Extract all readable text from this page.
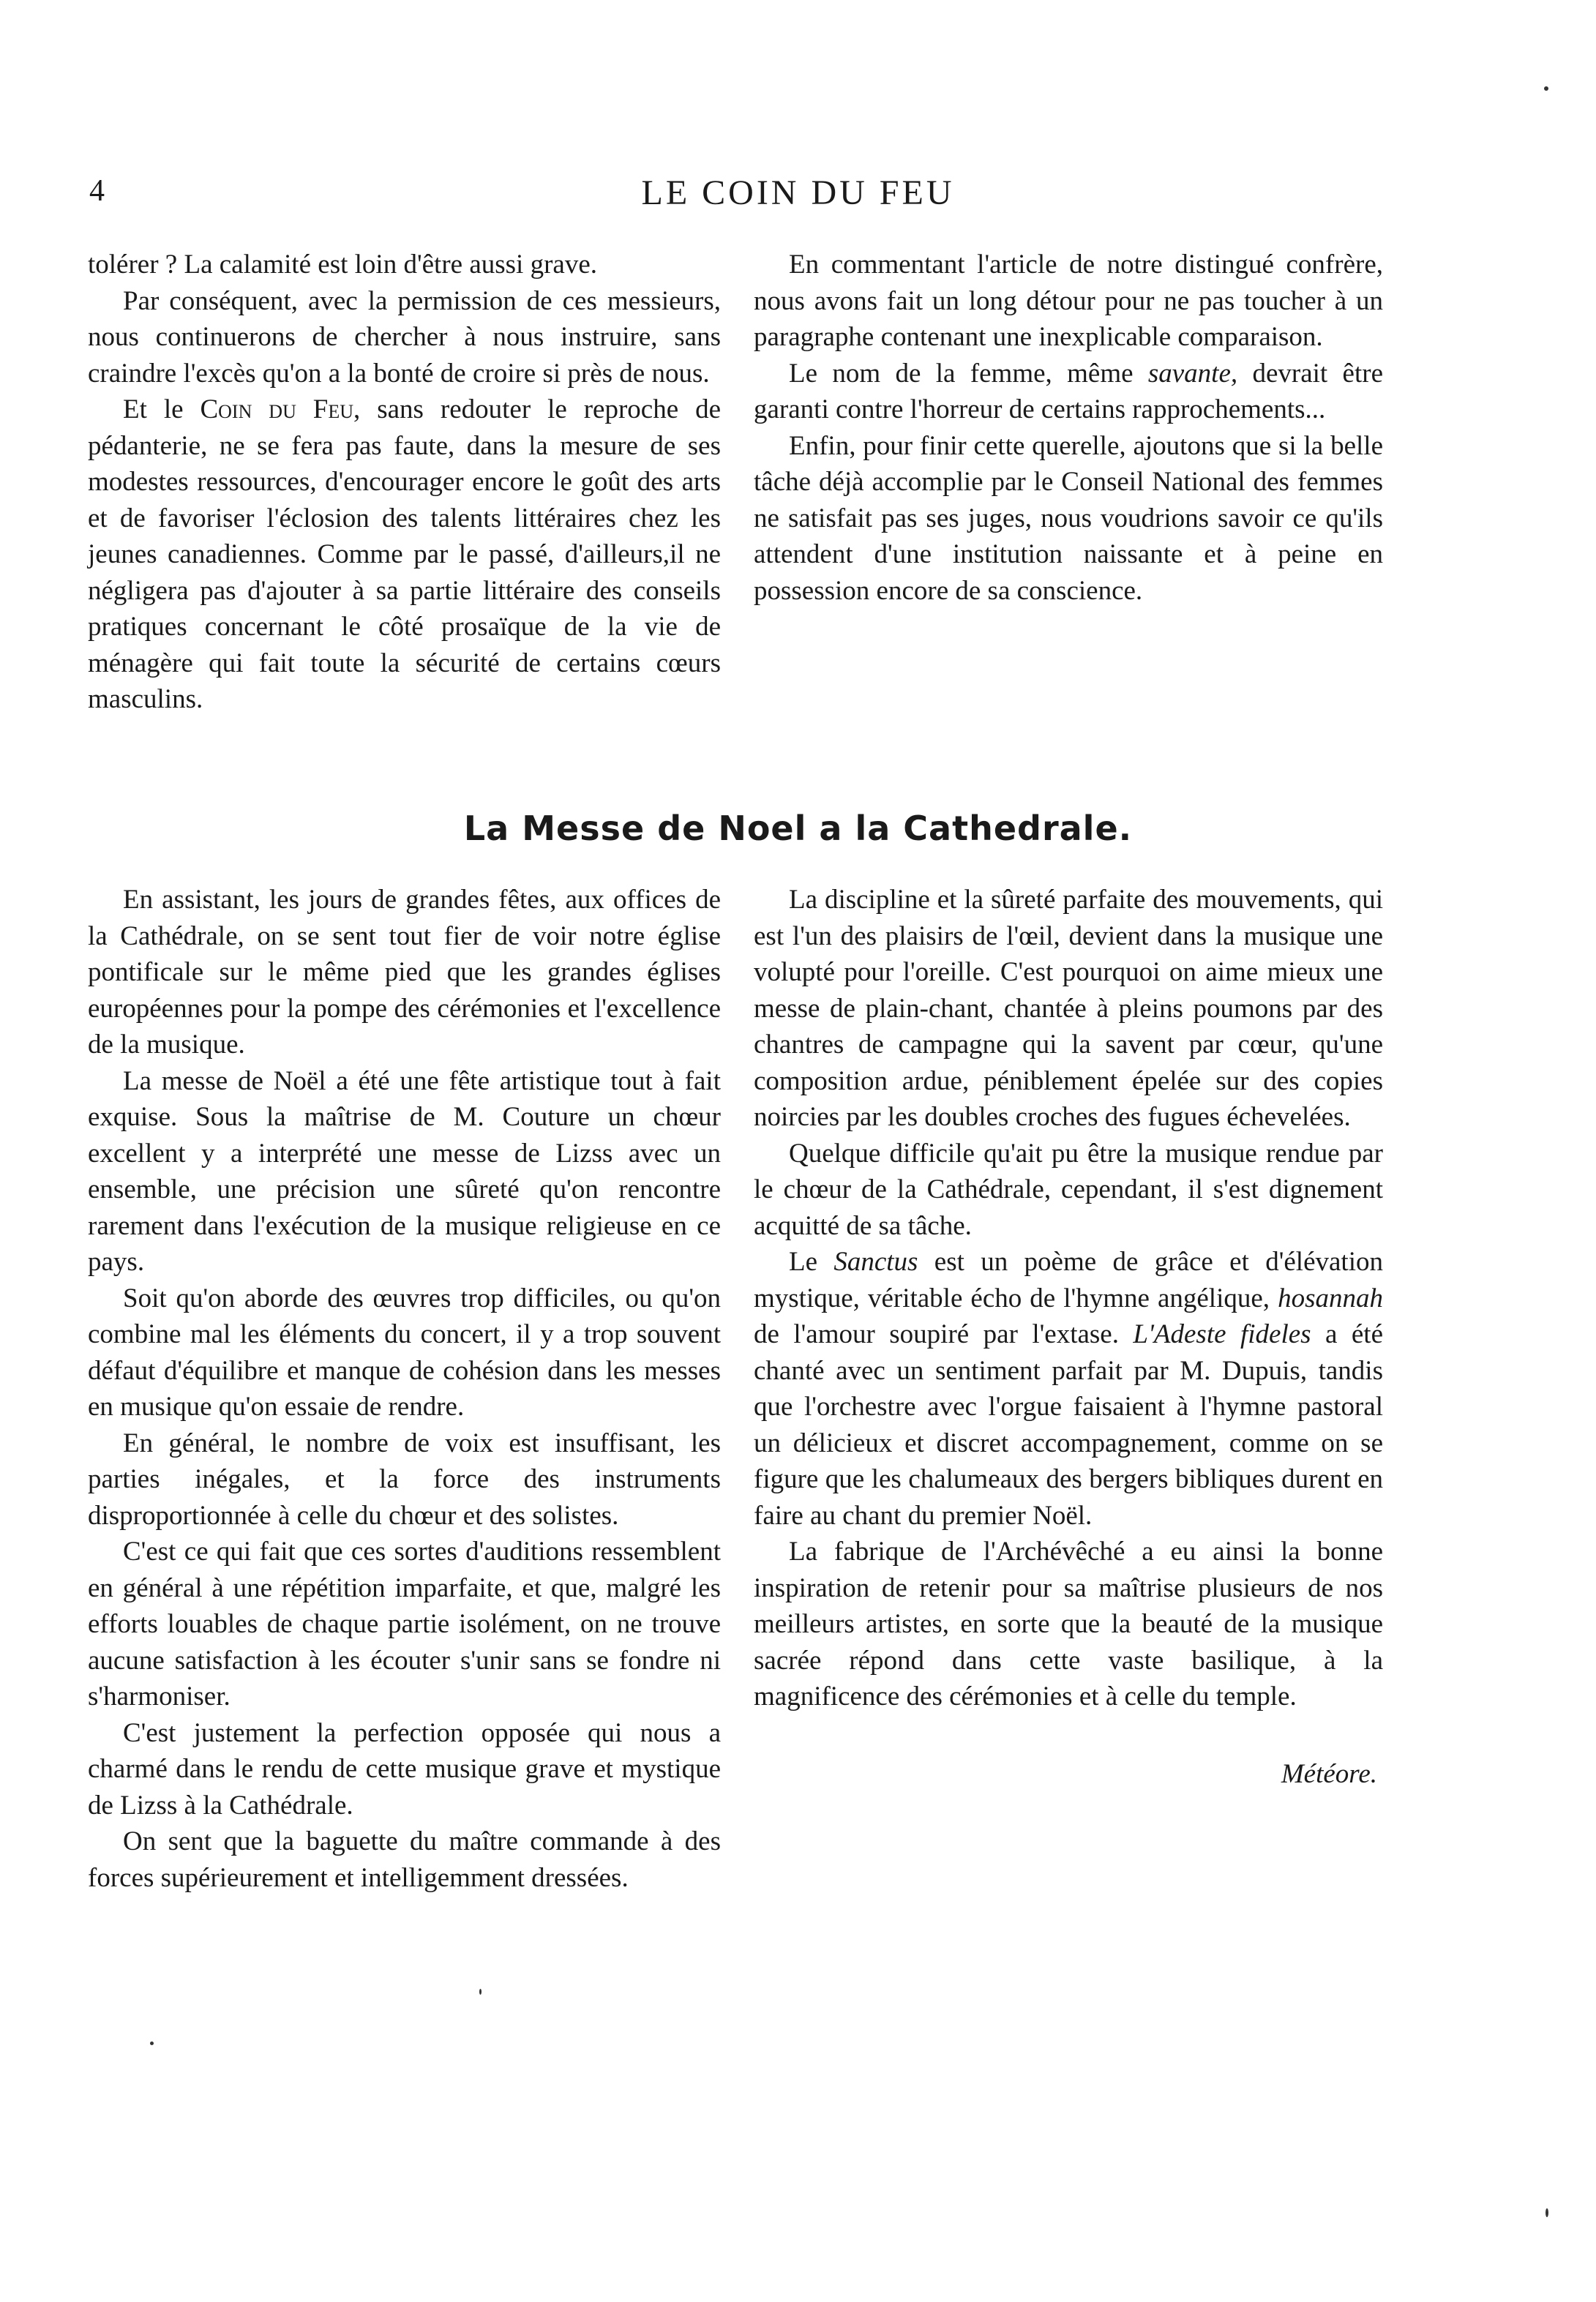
4	LE COIN DU FEU

tolérer ? La calamité est loin d'être aussi grave.

Par conséquent, avec la permission de ces messieurs, nous continuerons de chercher à nous instruire, sans craindre l'excès qu'on a la bonté de croire si près de nous.

Et le Coin du Feu, sans redouter le reproche de pédanterie, ne se fera pas faute, dans la mesure de ses modestes ressources, d'encourager encore le goût des arts et de favoriser l'éclosion des talents littéraires chez les jeunes canadiennes. Comme par le passé, d'ailleurs,il ne négligera pas d'ajouter à sa partie littéraire des conseils pratiques concernant le côté prosaïque de la vie de ménagère qui fait toute la sécurité de certains cœurs masculins.

En commentant l'article de notre distingué confrère, nous avons fait un long détour pour ne pas toucher à un paragraphe contenant une inexplicable comparaison.

Le nom de la femme, même savante, devrait être garanti contre l'horreur de certains rapprochements...

Enfin, pour finir cette querelle, ajoutons que si la belle tâche déjà accomplie par le Conseil National des femmes ne satisfait pas ses juges, nous voudrions savoir ce qu'ils attendent d'une institution naissante et à peine en possession encore de sa conscience.

La Messe de Noel a la Cathedrale.

En assistant, les jours de grandes fêtes, aux offices de la Cathédrale, on se sent tout fier de voir notre église pontificale sur le même pied que les grandes églises européennes pour la pompe des cérémonies et l'excellence de la musique.

La messe de Noël a été une fête artistique tout à fait exquise. Sous la maîtrise de M. Couture un chœur excellent y a interprété une messe de Lizss avec un ensemble, une précision une sûreté qu'on rencontre rarement dans l'exécution de la musique religieuse en ce pays.

Soit qu'on aborde des œuvres trop difficiles, ou qu'on combine mal les éléments du concert, il y a trop souvent défaut d'équilibre et manque de cohésion dans les messes en musique qu'on essaie de rendre.

En général, le nombre de voix est insuffisant, les parties inégales, et la force des instruments disproportionnée à celle du chœur et des solistes.

C'est ce qui fait que ces sortes d'auditions ressemblent en général à une répétition imparfaite, et que, malgré les efforts louables de chaque partie isolément, on ne trouve aucune satisfaction à les écouter s'unir sans se fondre ni s'harmoniser.

C'est justement la perfection opposée qui nous a charmé dans le rendu de cette musique grave et mystique de Lizss à la Cathédrale.

On sent que la baguette du maître commande à des forces supérieurement et intelligemment dressées.

La discipline et la sûreté parfaite des mouvements, qui est l'un des plaisirs de l'œil, devient dans la musique une volupté pour l'oreille. C'est pourquoi on aime mieux une messe de plain-chant, chantée à pleins poumons par des chantres de campagne qui la savent par cœur, qu'une composition ardue, péniblement épelée sur des copies noircies par les doubles croches des fugues échevelées.

Quelque difficile qu'ait pu être la musique rendue par le chœur de la Cathédrale, cependant, il s'est dignement acquitté de sa tâche.

Le Sanctus est un poème de grâce et d'élévation mystique, véritable écho de l'hymne angélique, hosannah de l'amour soupiré par l'extase. L'Adeste fideles a été chanté avec un sentiment parfait par M. Dupuis, tandis que l'orchestre avec l'orgue faisaient à l'hymne pastoral un délicieux et discret accompagnement, comme on se figure que les chalumeaux des bergers bibliques durent en faire au chant du premier Noël.

La fabrique de l'Archévêché a eu ainsi la bonne inspiration de retenir pour sa maîtrise plusieurs de nos meilleurs artistes, en sorte que la beauté de la musique sacrée répond dans cette vaste basilique, à la magnificence des cérémonies et à celle du temple.

Météore.
